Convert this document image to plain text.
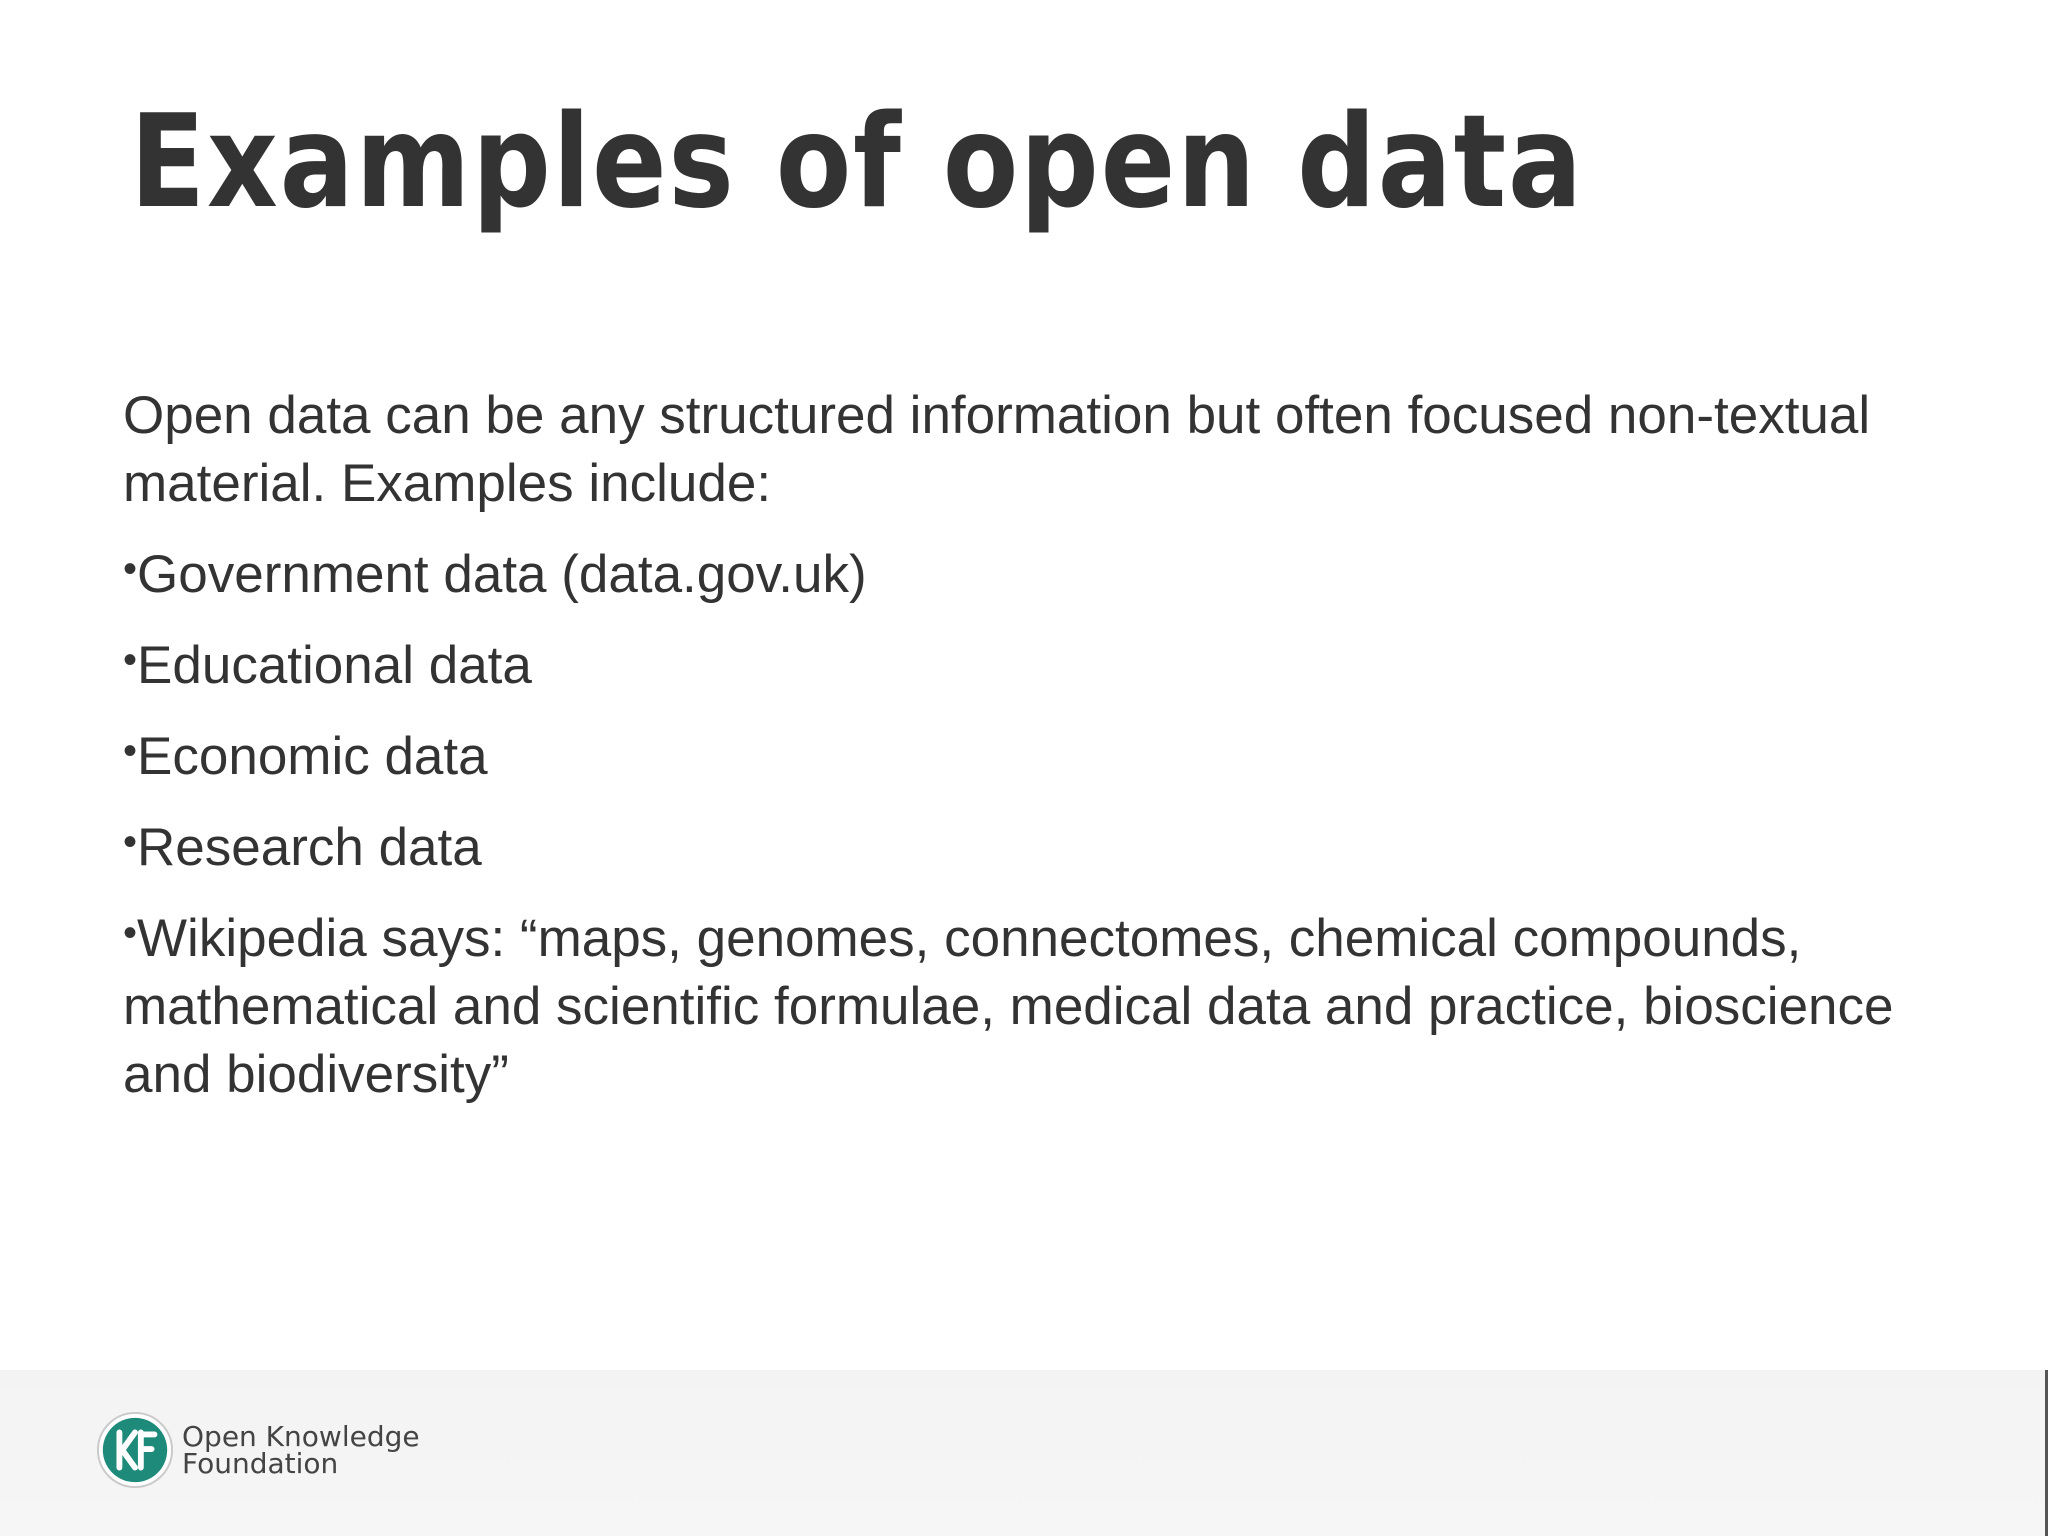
Examples of open data

Open data can be any structured information but often focused non-textual material. Examples include:

•Government data (data.gov.uk)
•Educational data
•Economic data
•Research data
•Wikipedia says: “maps, genomes, connectomes, chemical compounds, mathematical and scientific formulae, medical data and practice, bioscience and biodiversity”
Open Knowledge
Foundation
